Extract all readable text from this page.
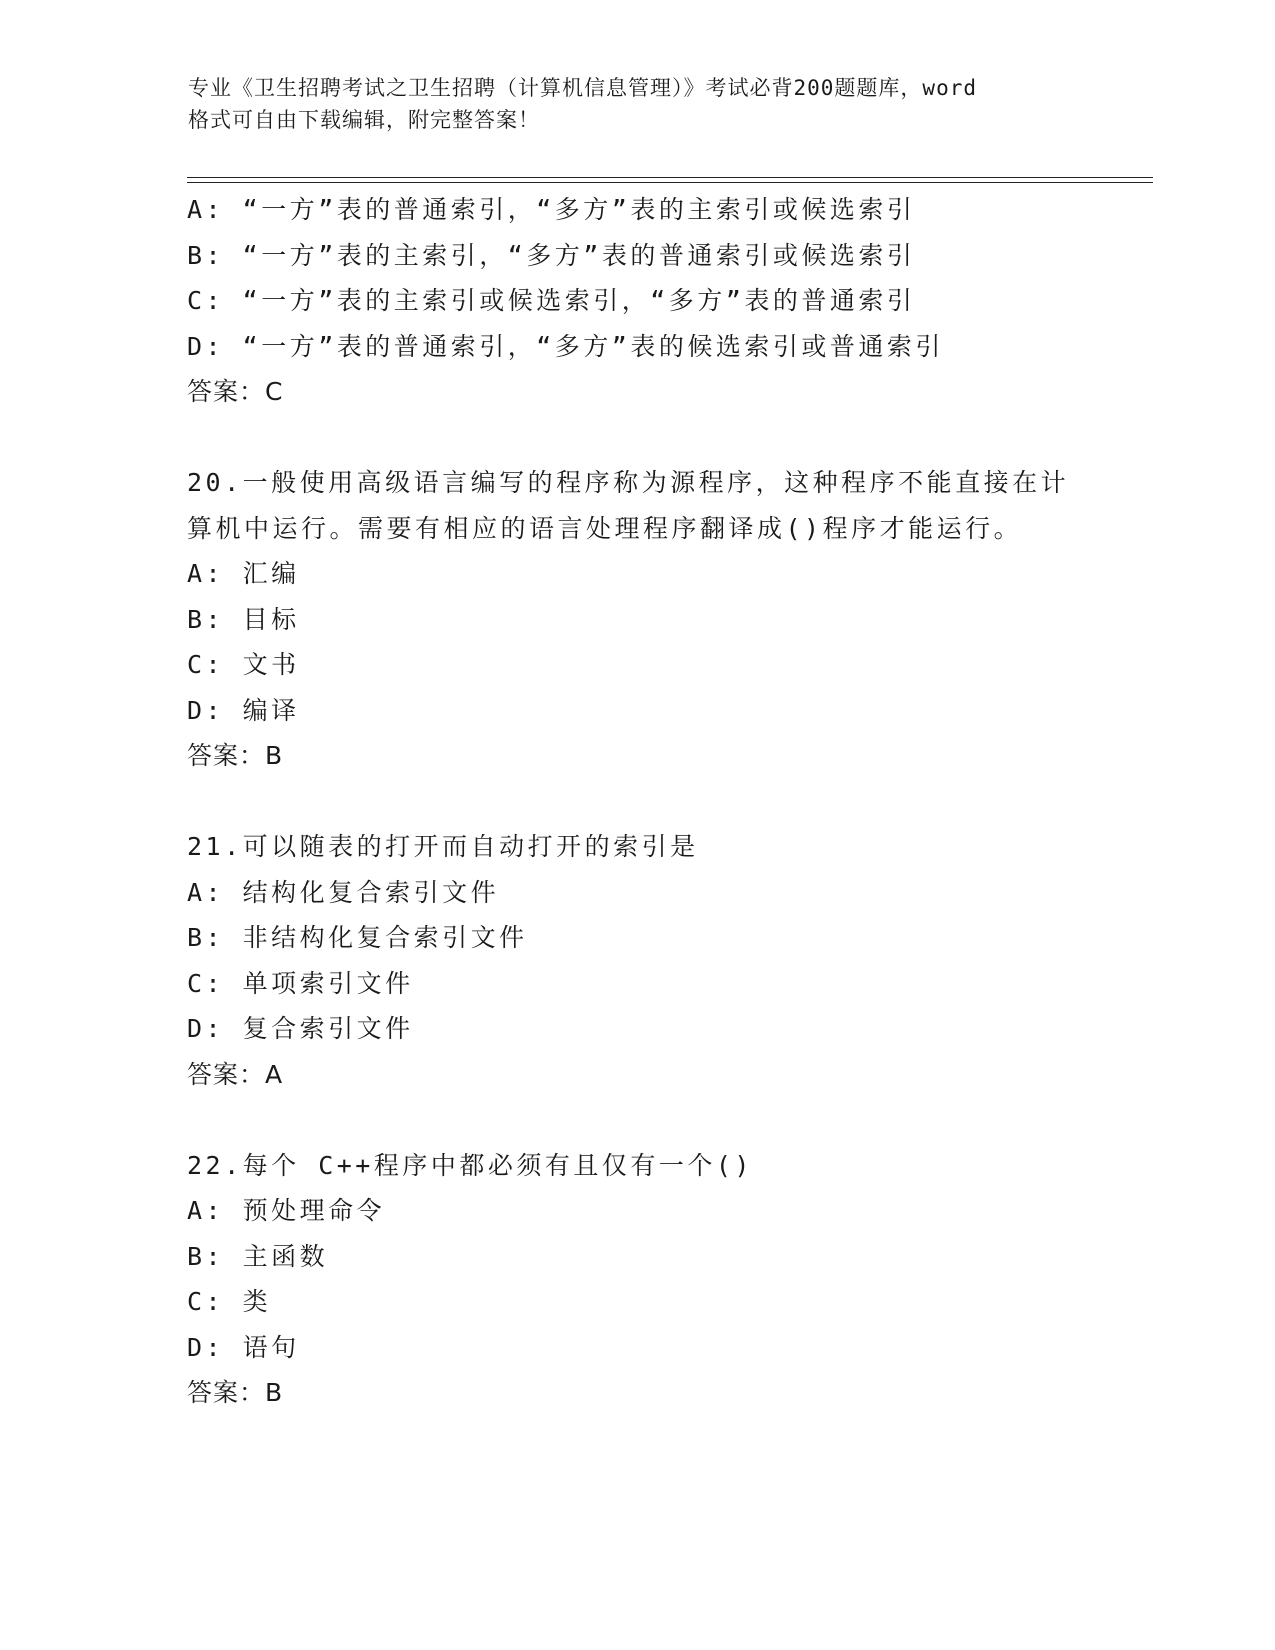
专业《卫生招聘考试之卫生招聘（计算机信息管理）》考试必背200题题库，word
格式可自由下载编辑，附完整答案！
A: “一方”表的普通索引，“多方”表的主索引或候选索引
B: “一方”表的主索引，“多方”表的普通索引或候选索引
C: “一方”表的主索引或候选索引，“多方”表的普通索引
D: “一方”表的普通索引，“多方”表的候选索引或普通索引
答案：C
20.一般使用高级语言编写的程序称为源程序，这种程序不能直接在计
算机中运行。需要有相应的语言处理程序翻译成()程序才能运行。
A: 汇编
B: 目标
C: 文书
D: 编译
答案：B
21.可以随表的打开而自动打开的索引是
A: 结构化复合索引文件
B: 非结构化复合索引文件
C: 单项索引文件
D: 复合索引文件
答案：A
22.每个 C++程序中都必须有且仅有一个()
A: 预处理命令
B: 主函数
C: 类
D: 语句
答案：B
